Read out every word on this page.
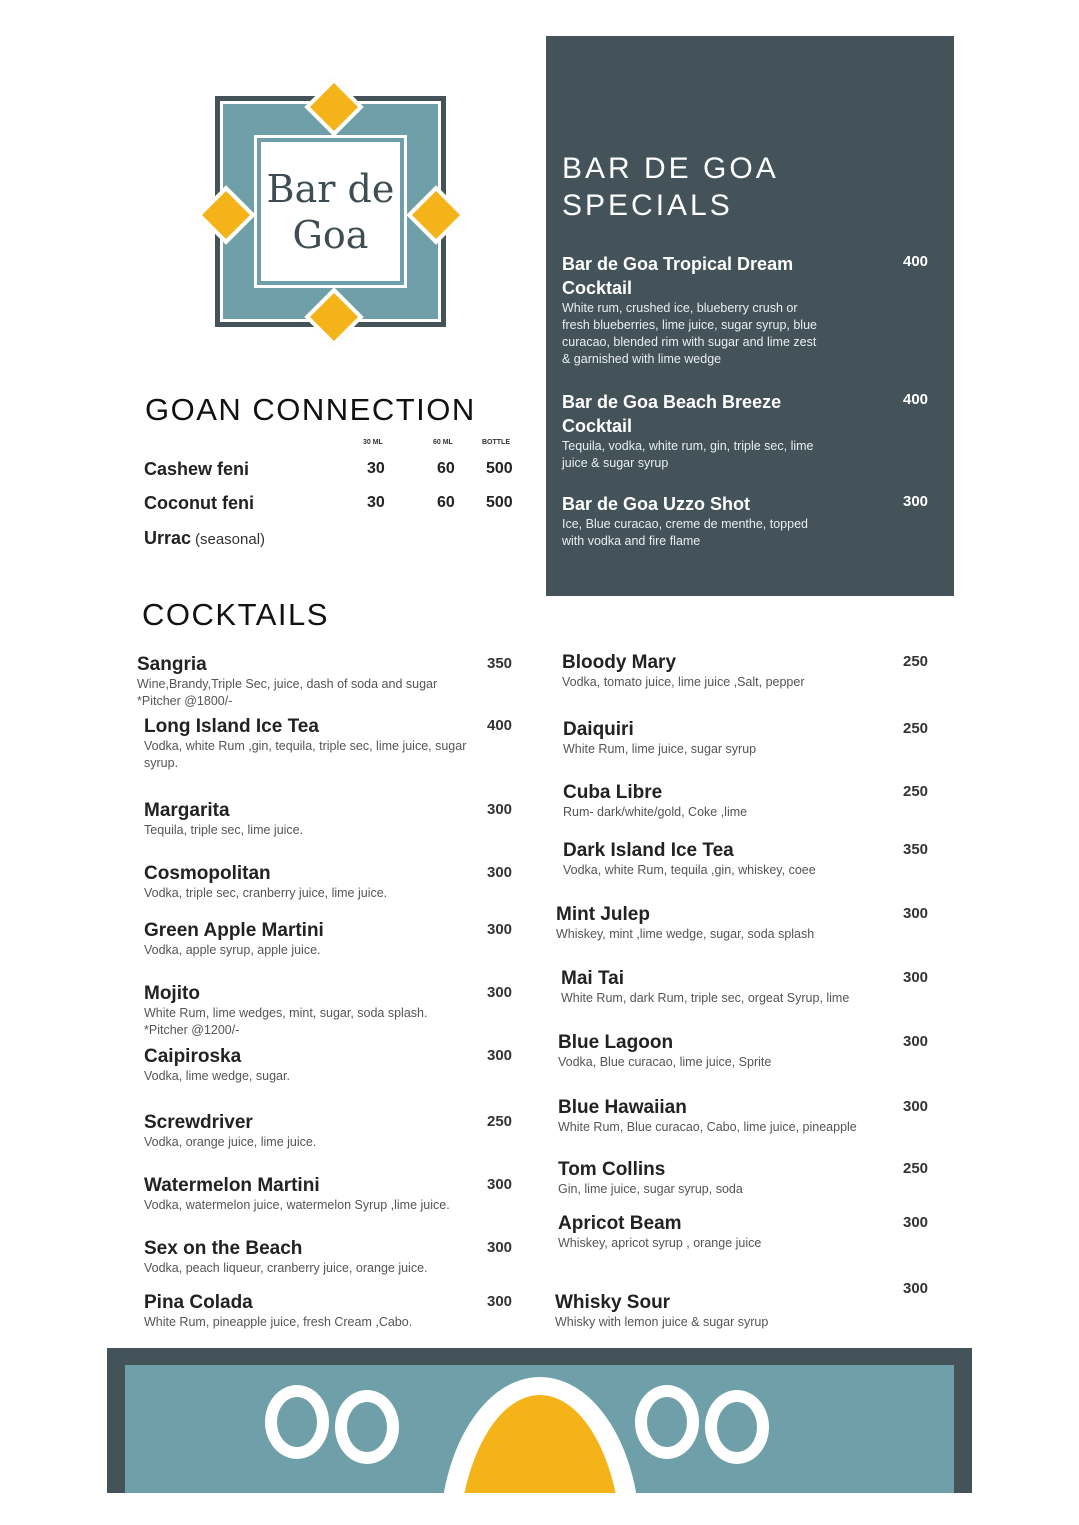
Bar de
Goa
BAR DE GOA
SPECIALS
Bar de Goa Tropical Dream Cocktail
White rum, crushed ice, blueberry crush or fresh blueberries, lime juice, sugar syrup, blue curacao, blended rim with sugar and lime zest & garnished with lime wedge
400
Bar de Goa Beach Breeze Cocktail
Tequila, vodka, white rum, gin, triple sec, lime juice & sugar syrup
400
Bar de Goa Uzzo Shot
Ice, Blue curacao, creme de menthe, topped with vodka and fire flame
300
GOAN CONNECTION
COCKTAILS
30 ML	60 ML	BOTTLE
Cashew feni	30	60 500
Coconut feni	30	60 500
Urrac (seasonal)
Sangria
Wine,Brandy,Triple Sec, juice, dash of soda and sugar
*Pitcher @1800/-
350
Long Island Ice Tea
Vodka, white Rum ,gin, tequila, triple sec, lime juice, sugar syrup.
400
Margarita
Tequila, triple sec, lime juice.
300
Cosmopolitan
Vodka, triple sec, cranberry juice, lime juice.
300
Green Apple Martini
Vodka, apple syrup, apple juice.
300
Mojito
White Rum, lime wedges, mint, sugar, soda splash.
*Pitcher @1200/-
300
Caipiroska
Vodka, lime wedge, sugar.
300
Screwdriver
Vodka, orange juice, lime juice.
250
Watermelon Martini
Vodka, watermelon juice, watermelon Syrup ,lime juice.
300
Sex on the Beach
Vodka, peach liqueur, cranberry juice, orange juice.
300
Pina Colada
White Rum, pineapple juice, fresh Cream ,Cabo.
300
Bloody Mary
Vodka, tomato juice, lime juice ,Salt, pepper
250
Daiquiri
White Rum, lime juice, sugar syrup
250
Cuba Libre
Rum- dark/white/gold, Coke ,lime
250
Dark Island Ice Tea
Vodka, white Rum, tequila ,gin, whiskey, coee
350
Mint Julep
Whiskey, mint ,lime wedge, sugar, soda splash
300
Mai Tai
White Rum, dark Rum, triple sec, orgeat Syrup, lime
300
Blue Lagoon
Vodka, Blue curacao, lime juice, Sprite
300
Blue Hawaiian
White Rum, Blue curacao, Cabo, lime juice, pineapple
300
Tom Collins
Gin, lime juice, sugar syrup, soda
250
Apricot Beam
Whiskey, apricot syrup , orange juice
300
Whisky Sour
Whisky with lemon juice & sugar syrup
300
